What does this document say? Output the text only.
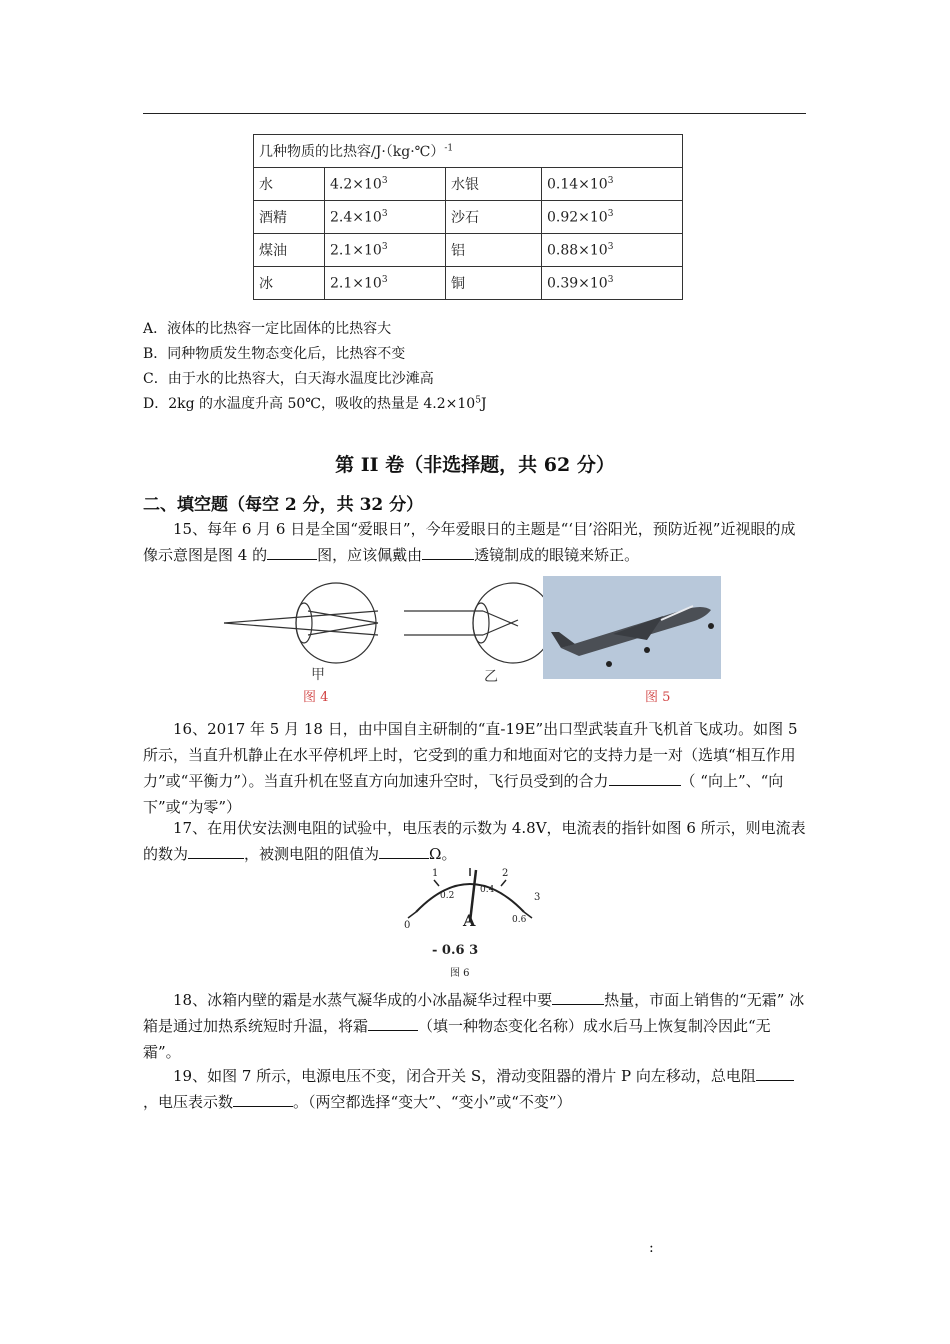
几种物质的比热容/J·（kg·℃）$^{-1}$
水	$4.2\times 10^3$	水银	$0.14\times 10^3$
酒精	$2.4\times 10^3$	沙石	$0.92\times 10^3$
煤油	$2.1\times 10^3$	铝	$0.88\times 10^3$
冰	$2.1\times 10^3$	铜	$0.39\times 10^3$
A．液体的比热容一定比固体的比热容大
B．同种物质发生物态变化后，比热容不变
C．由于水的比热容大，白天海水温度比沙滩高
D．2kg 的水温度升高 50℃，吸收的热量是 $4.2\times 10^5J$
第 II 卷（非选择题，共 62 分）
二、填空题（每空 2 分，共 32 分）

15、每年 6 月 6 日是全国“爱眼日”，今年爱眼日的主题是“‘目’浴阳光，预防近视”近视眼的成像示意图是图 4 的	图，应该佩戴由	透镜制成的眼镜来矫正。

甲	乙
图 4	图 5

16、2017 年 5 月 18 日，由中国自主研制的“直-19E”出口型武装直升飞机首飞成功。如图 5 所示，当直升机静止在水平停机坪上时，它受到的重力和地面对它的支持力是一对（选填“相互作用力”或“平衡力”）。当直升机在竖直方向加速升空时，飞行员受到的合力	（ “向上”、“向下”或“为零”）

17、在用伏安法测电阻的试验中，电压表的示数为 4.8V，电流表的指针如图 6 所示，则电流表的数为	，被测电阻的阻值为	Ω。

0
0.2
0.4
0.6
1	2
3
A
- 0.6 3
图 6

18、冰箱内壁的霜是水蒸气凝华成的小冰晶凝华过程中要	热量，市面上销售的“无霜” 冰箱是通过加热系统短时升温，将霜	（填一种物态变化名称）成水后马上恢复制冷因此“无霜”。

19、如图 7 所示，电源电压不变，闭合开关 S，滑动变阻器的滑片 P 向左移动，总电阻，电压表示数	。（两空都选择“变大”、“变小”或“不变”）

:
